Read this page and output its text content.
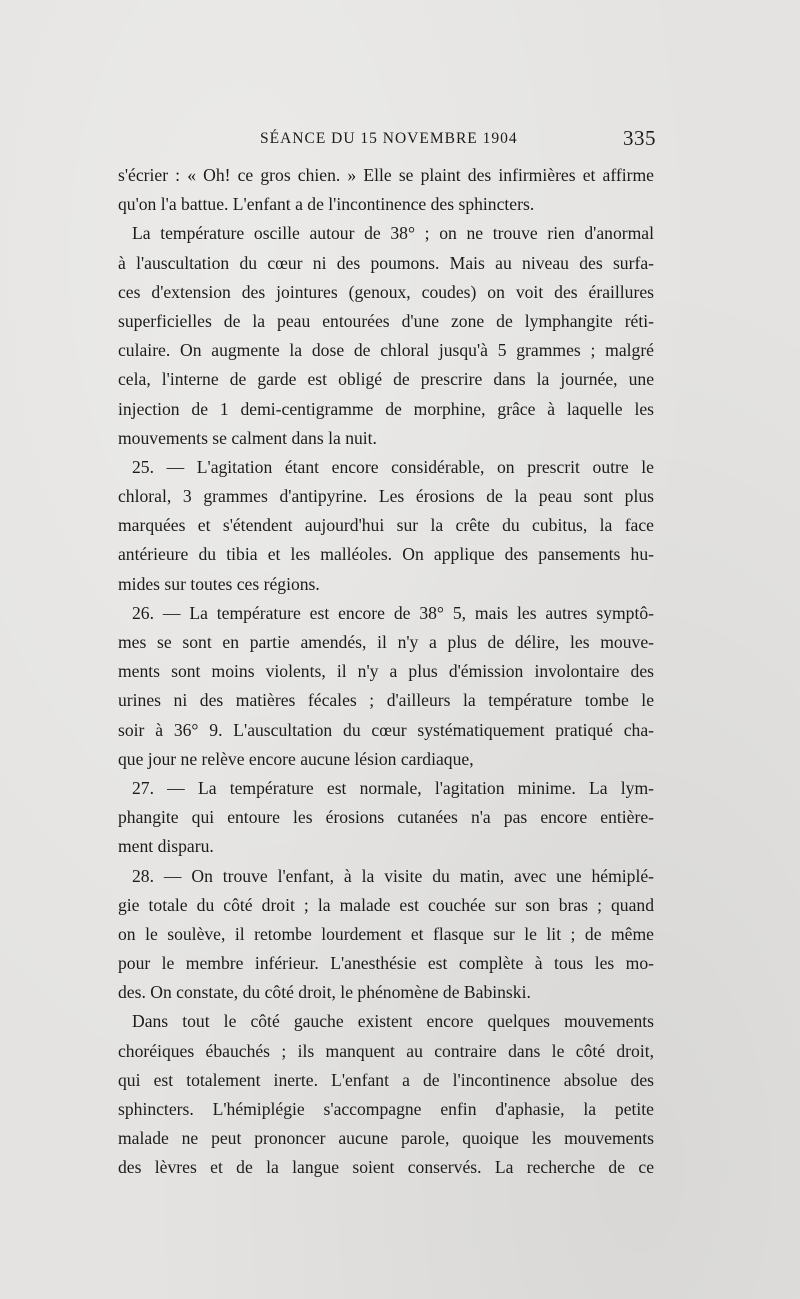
SÉANCE DU 15 NOVEMBRE 1904	335
s'écrier : « Oh! ce gros chien. » Elle se plaint des infirmières et affirme
qu'on l'a battue. L'enfant a de l'incontinence des sphincters.
La température oscille autour de 38° ; on ne trouve rien d'anormal
à l'auscultation du cœur ni des poumons. Mais au niveau des surfa-
ces d'extension des jointures (genoux, coudes) on voit des éraillures
superficielles de la peau entourées d'une zone de lymphangite réti-
culaire. On augmente la dose de chloral jusqu'à 5 grammes ; malgré
cela, l'interne de garde est obligé de prescrire dans la journée, une
injection de 1 demi-centigramme de morphine, grâce à laquelle les
mouvements se calment dans la nuit.
25. — L'agitation étant encore considérable, on prescrit outre le
chloral, 3 grammes d'antipyrine. Les érosions de la peau sont plus
marquées et s'étendent aujourd'hui sur la crête du cubitus, la face
antérieure du tibia et les malléoles. On applique des pansements hu-
mides sur toutes ces régions.
26. — La température est encore de 38° 5, mais les autres symptô-
mes se sont en partie amendés, il n'y a plus de délire, les mouve-
ments sont moins violents, il n'y a plus d'émission involontaire des
urines ni des matières fécales ; d'ailleurs la température tombe le
soir à 36° 9. L'auscultation du cœur systématiquement pratiqué cha-
que jour ne relève encore aucune lésion cardiaque,
27. — La température est normale, l'agitation minime. La lym-
phangite qui entoure les érosions cutanées n'a pas encore entière-
ment disparu.
28. — On trouve l'enfant, à la visite du matin, avec une hémiplé-
gie totale du côté droit ; la malade est couchée sur son bras ; quand
on le soulève, il retombe lourdement et flasque sur le lit ; de même
pour le membre inférieur. L'anesthésie est complète à tous les mo-
des. On constate, du côté droit, le phénomène de Babinski.
Dans tout le côté gauche existent encore quelques mouvements
choréiques ébauchés ; ils manquent au contraire dans le côté droit,
qui est totalement inerte. L'enfant a de l'incontinence absolue des
sphincters. L'hémiplégie s'accompagne enfin d'aphasie, la petite
malade ne peut prononcer aucune parole, quoique les mouvements
des lèvres et de la langue soient conservés. La recherche de ce
